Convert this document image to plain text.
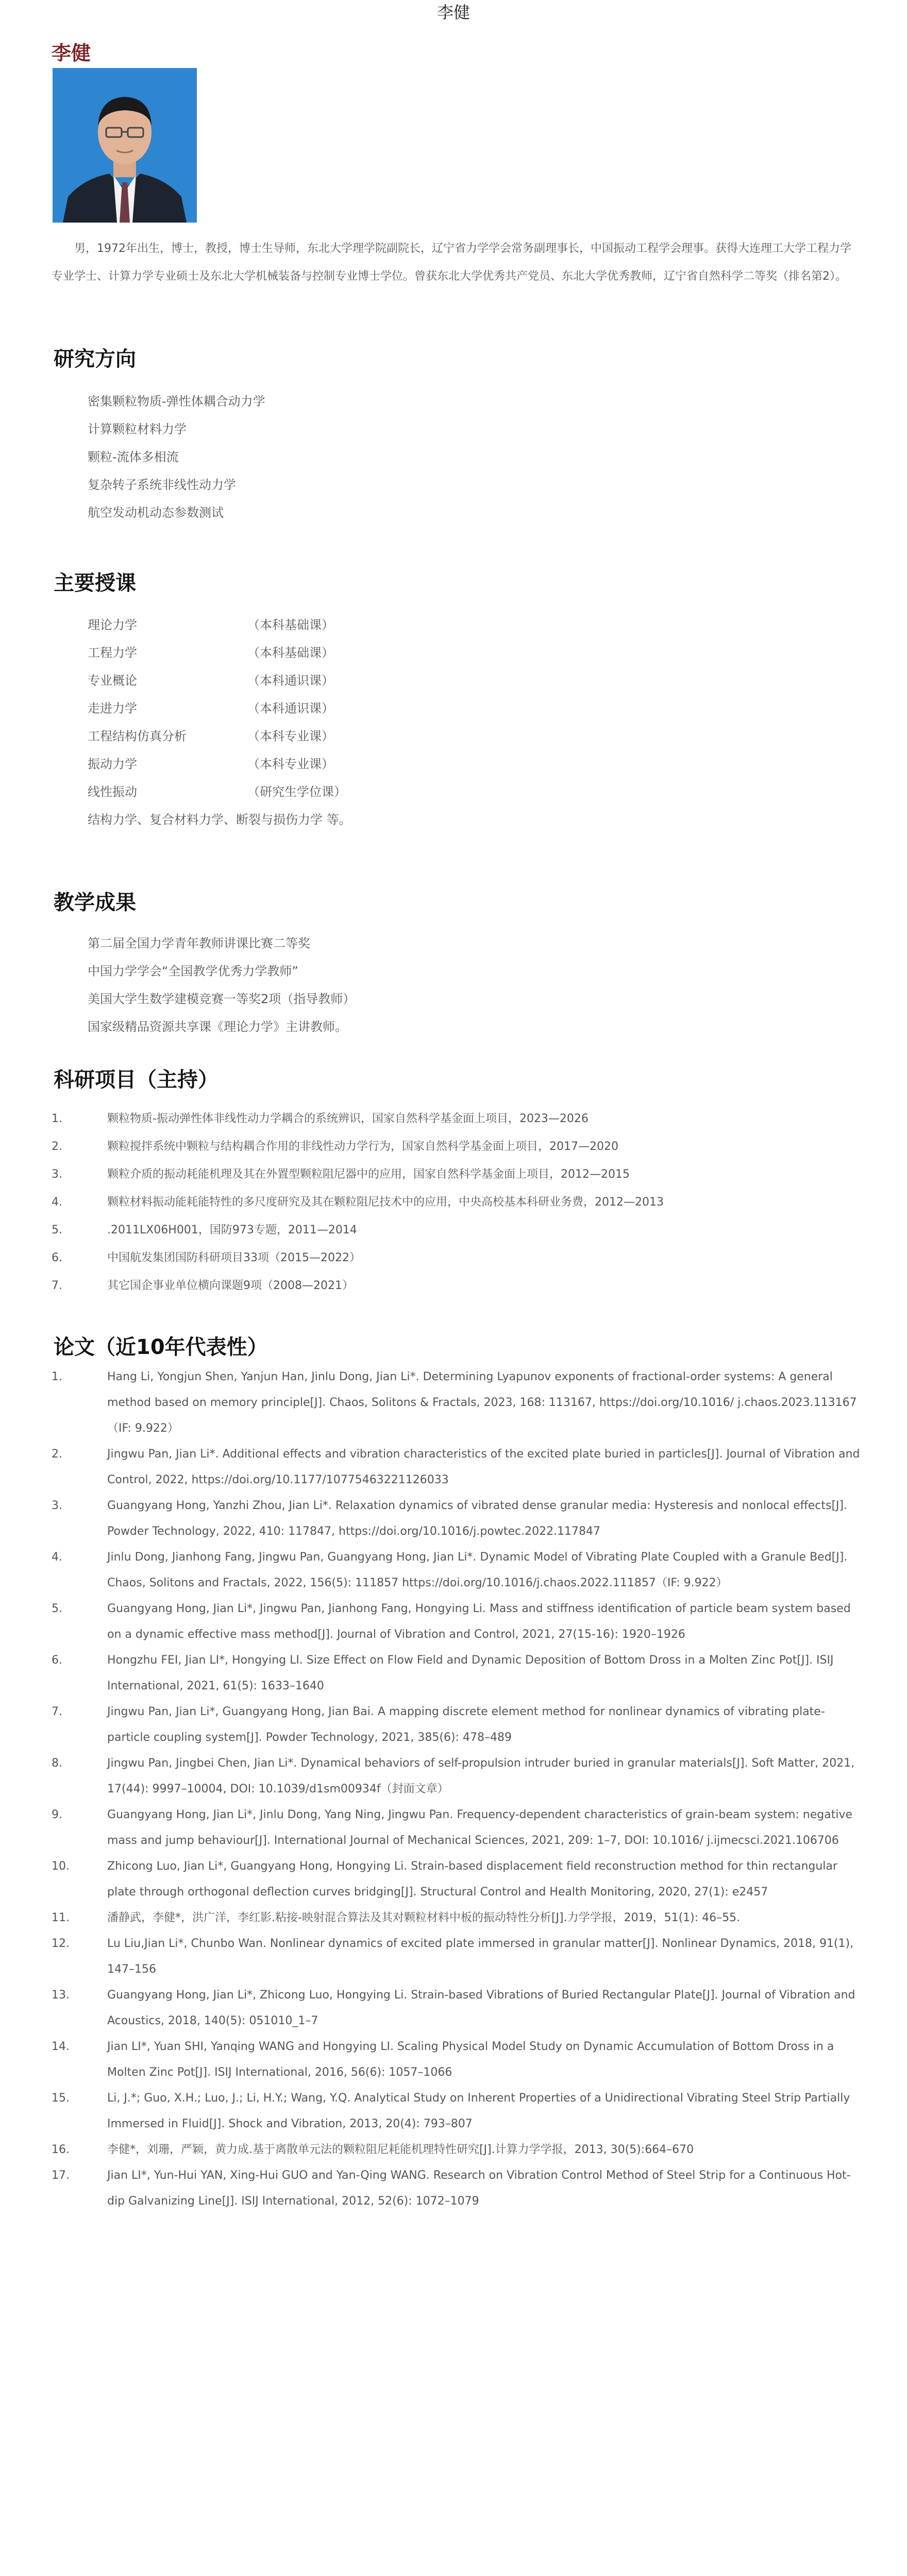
李健
李健
男，1972年出生，博士，教授，博士生导师，东北大学理学院副院长，辽宁省力学学会常务副理事长，中国振动工程学会理事。获得大连理工大学工程力学专业学士、计算力学专业硕士及东北大学机械装备与控制专业博士学位。曾获东北大学优秀共产党员、东北大学优秀教师，辽宁省自然科学二等奖（排名第2）。
研究方向
密集颗粒物质-弹性体耦合动力学
计算颗粒材料力学
颗粒-流体多相流
复杂转子系统非线性动力学
航空发动机动态参数测试
主要授课
理论力学	（本科基础课）
工程力学	（本科基础课）
专业概论	（本科通识课）
走进力学	（本科通识课）
工程结构仿真分析	（本科专业课）
振动力学	（本科专业课）
线性振动	（研究生学位课）
结构力学、复合材料力学、断裂与损伤力学 等。
教学成果
第二届全国力学青年教师讲课比赛二等奖
中国力学学会“全国教学优秀力学教师”
美国大学生数学建模竞赛一等奖2项（指导教师）
国家级精品资源共享课《理论力学》主讲教师。
科研项目（主持）
1.	颗粒物质-振动弹性体非线性动力学耦合的系统辨识，国家自然科学基金面上项目，2023—2026
2.	颗粒搅拌系统中颗粒与结构耦合作用的非线性动力学行为，国家自然科学基金面上项目，2017—2020
3.	颗粒介质的振动耗能机理及其在外置型颗粒阻尼器中的应用，国家自然科学基金面上项目，2012—2015
4.	颗粒材料振动能耗能特性的多尺度研究及其在颗粒阻尼技术中的应用，中央高校基本科研业务费，2012—2013
5.	.2011LX06H001，国防973专题，2011—2014
6.	中国航发集团国防科研项目33项（2015—2022）
7.	其它国企事业单位横向课题9项（2008—2021）
论文（近10年代表性）
1.	Hang Li, Yongjun Shen, Yanjun Han, Jinlu Dong, Jian Li*. Determining Lyapunov exponents of fractional-order systems: A general method based on memory principle[J]. Chaos, Solitons & Fractals, 2023, 168: 113167, https://doi.org/10.1016/ j.chaos.2023.113167（IF: 9.922）
2.	Jingwu Pan, Jian Li*. Additional effects and vibration characteristics of the excited plate buried in particles[J]. Journal of Vibration and Control, 2022, https://doi.org/10.1177/10775463221126033
3.	Guangyang Hong, Yanzhi Zhou, Jian Li*. Relaxation dynamics of vibrated dense granular media: Hysteresis and nonlocal effects[J]. Powder Technology, 2022, 410: 117847, https://doi.org/10.1016/j.powtec.2022.117847
4.	Jinlu Dong, Jianhong Fang, Jingwu Pan, Guangyang Hong, Jian Li*. Dynamic Model of Vibrating Plate Coupled with a Granule Bed[J]. Chaos, Solitons and Fractals, 2022, 156(5): 111857 https://doi.org/10.1016/j.chaos.2022.111857（IF: 9.922）
5.	Guangyang Hong, Jian Li*, Jingwu Pan, Jianhong Fang, Hongying Li. Mass and stiffness identification of particle beam system based on a dynamic effective mass method[J]. Journal of Vibration and Control, 2021, 27(15-16): 1920–1926
6.	Hongzhu FEI, Jian LI*, Hongying LI. Size Effect on Flow Field and Dynamic Deposition of Bottom Dross in a Molten Zinc Pot[J]. ISIJ International, 2021, 61(5): 1633–1640
7.	Jingwu Pan, Jian Li*, Guangyang Hong, Jian Bai. A mapping discrete element method for nonlinear dynamics of vibrating plate-particle coupling system[J]. Powder Technology, 2021, 385(6): 478–489
8.	Jingwu Pan, Jingbei Chen, Jian Li*. Dynamical behaviors of self-propulsion intruder buried in granular materials[J]. Soft Matter, 2021, 17(44): 9997–10004, DOI: 10.1039/d1sm00934f（封面文章）
9.	Guangyang Hong, Jian Li*, Jinlu Dong, Yang Ning, Jingwu Pan. Frequency-dependent characteristics of grain-beam system: negative mass and jump behaviour[J]. International Journal of Mechanical Sciences, 2021, 209: 1–7, DOI: 10.1016/ j.ijmecsci.2021.106706
10.	Zhicong Luo, Jian Li*, Guangyang Hong, Hongying Li. Strain-based displacement field reconstruction method for thin rectangular plate through orthogonal deflection curves bridging[J]. Structural Control and Health Monitoring, 2020, 27(1): e2457
11.	潘静武，李健*，洪广洋，李红影.粘接-映射混合算法及其对颗粒材料中板的振动特性分析[J].力学学报，2019，51(1): 46–55.
12.	Lu Liu,Jian Li*, Chunbo Wan. Nonlinear dynamics of excited plate immersed in granular matter[J]. Nonlinear Dynamics, 2018, 91(1), 147–156
13.	Guangyang Hong, Jian Li*, Zhicong Luo, Hongying Li. Strain-based Vibrations of Buried Rectangular Plate[J]. Journal of Vibration and Acoustics, 2018, 140(5): 051010_1–7
14.	Jian LI*, Yuan SHI, Yanqing WANG and Hongying LI. Scaling Physical Model Study on Dynamic Accumulation of Bottom Dross in a Molten Zinc Pot[J]. ISIJ International, 2016, 56(6): 1057–1066
15.	Li, J.*; Guo, X.H.; Luo, J.; Li, H.Y.; Wang, Y.Q. Analytical Study on Inherent Properties of a Unidirectional Vibrating Steel Strip Partially Immersed in Fluid[J]. Shock and Vibration, 2013, 20(4): 793–807
16.	李健*，刘珊，严颖，黄力成.基于离散单元法的颗粒阻尼耗能机理特性研究[J].计算力学学报，2013, 30(5):664–670
17.	Jian LI*, Yun-Hui YAN, Xing-Hui GUO and Yan-Qing WANG. Research on Vibration Control Method of Steel Strip for a Continuous Hot-dip Galvanizing Line[J]. ISIJ International, 2012, 52(6): 1072–1079
